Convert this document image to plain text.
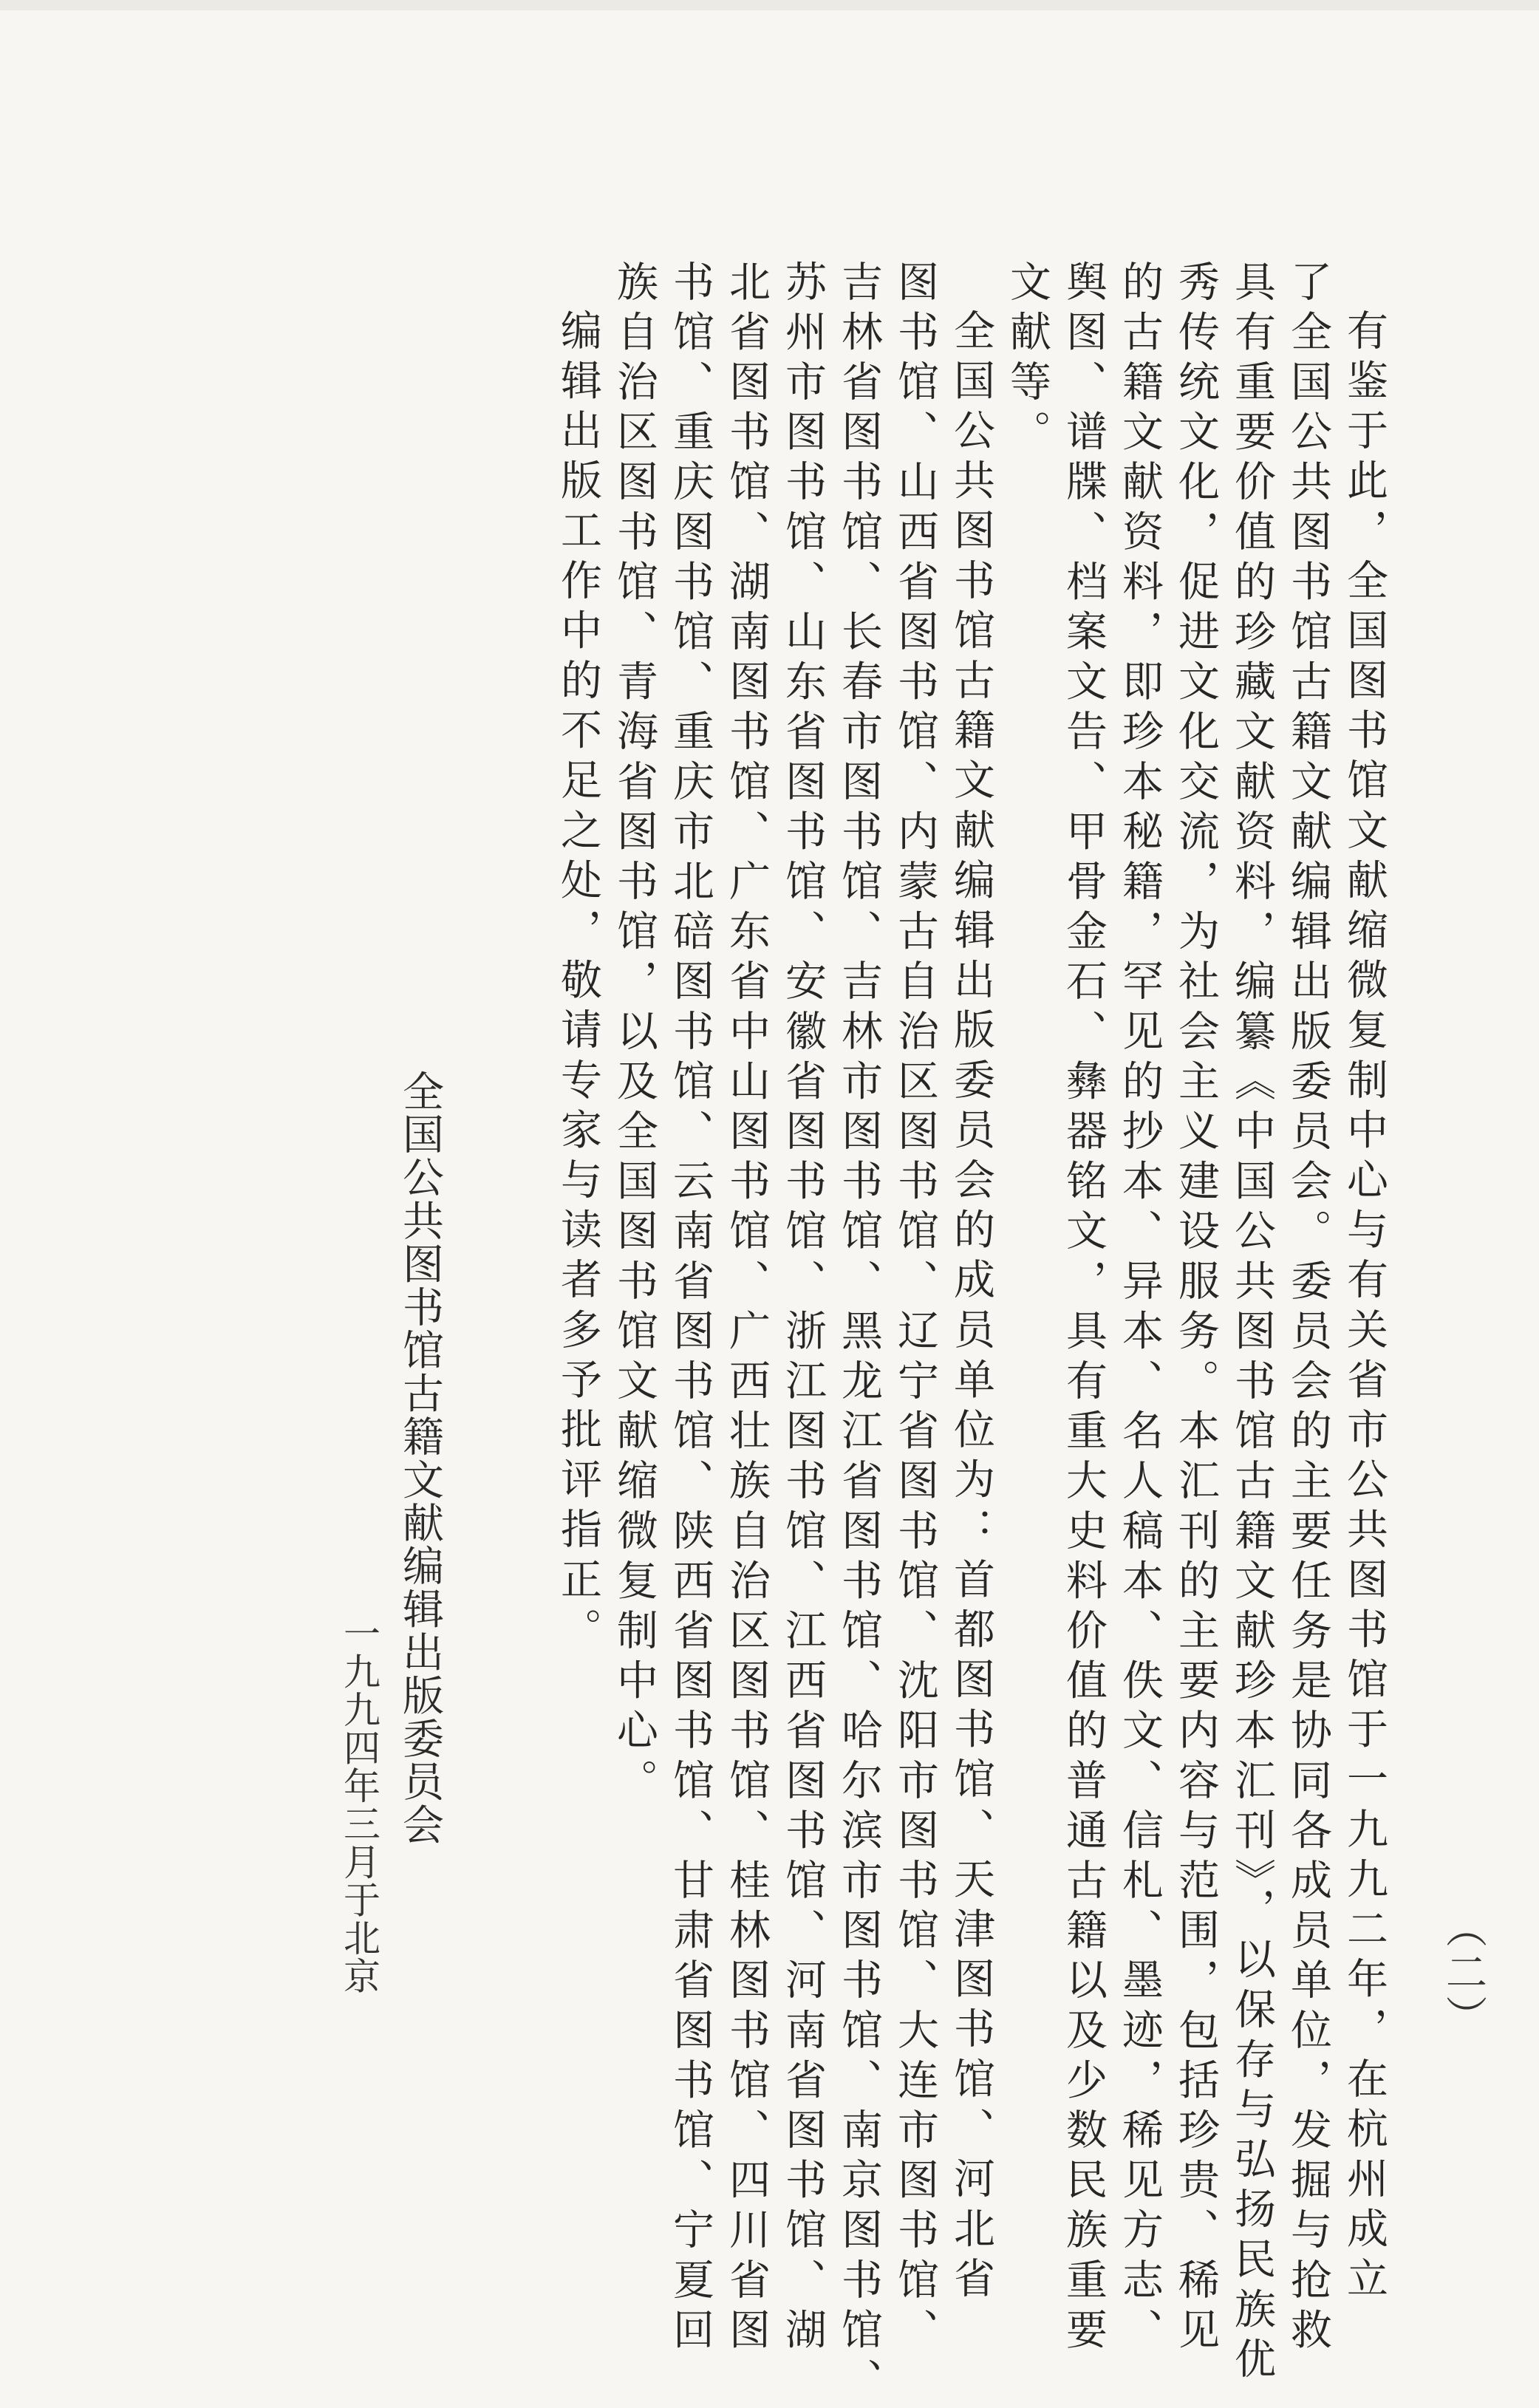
（二）
有鉴于此，全国图书馆文献缩微复制中心与有关省市公共图书馆于一九九二年，在杭州成立
了全国公共图书馆古籍文献编辑出版委员会。委员会的主要任务是协同各成员单位，发掘与抢救
具有重要价值的珍藏文献资料，编纂《中国公共图书馆古籍文献珍本汇刊》，以保存与弘扬民族优
秀传统文化，促进文化交流，为社会主义建设服务。本汇刊的主要内容与范围，包括珍贵、稀见
的古籍文献资料，即珍本秘籍，罕见的抄本、异本、名人稿本、佚文、信札、墨迹，稀见方志、
舆图、谱牒、档案文告、甲骨金石、彝器铭文，具有重大史料价值的普通古籍以及少数民族重要
文献等。
全国公共图书馆古籍文献编辑出版委员会的成员单位为：首都图书馆、天津图书馆、河北省
图书馆、山西省图书馆、内蒙古自治区图书馆、辽宁省图书馆、沈阳市图书馆、大连市图书馆、
吉林省图书馆、长春市图书馆、吉林市图书馆、黑龙江省图书馆、哈尔滨市图书馆、南京图书馆、
苏州市图书馆、山东省图书馆、安徽省图书馆、浙江图书馆、江西省图书馆、河南省图书馆、湖
北省图书馆、湖南图书馆、广东省中山图书馆、广西壮族自治区图书馆、桂林图书馆、四川省图
书馆、重庆图书馆、重庆市北碚图书馆、云南省图书馆、陕西省图书馆、甘肃省图书馆、宁夏回
族自治区图书馆、青海省图书馆，以及全国图书馆文献缩微复制中心。
编辑出版工作中的不足之处，敬请专家与读者多予批评指正。
全国公共图书馆古籍文献编辑出版委员会
一九九四年三月于北京
